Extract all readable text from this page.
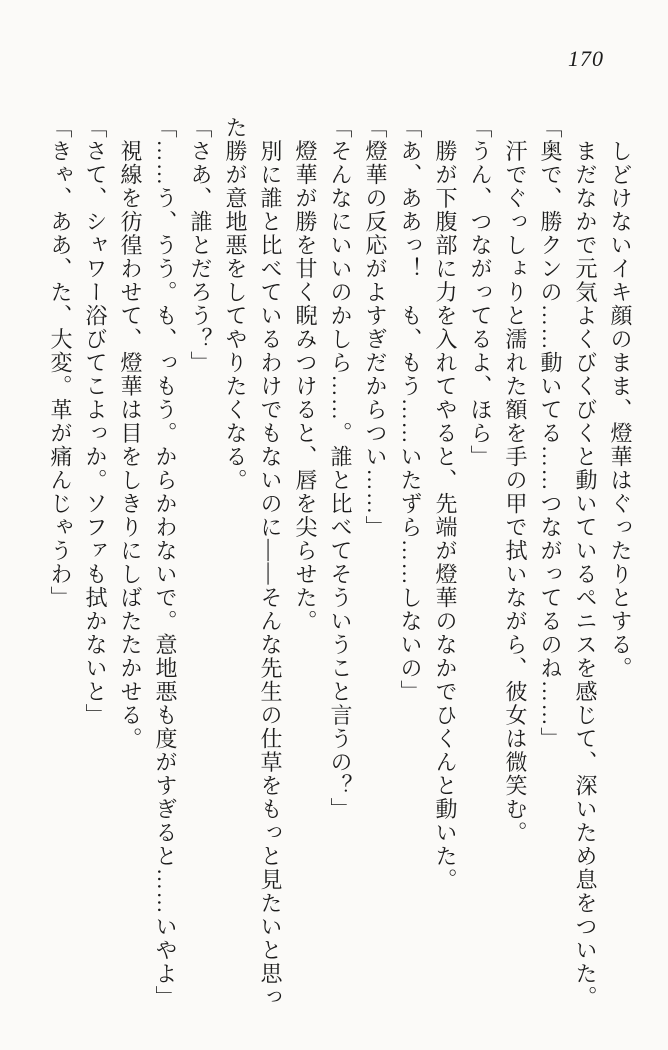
170

　しどけないイキ顔のまま、燈華はぐったりとする。

　まだなかで元気よくびくびくと動いているペニスを感じて、深いため息をついた。

「奥で、勝クンの……動いてる……つながってるのね……」

　汗でぐっしょりと濡れた額を手の甲で拭いながら、彼女は微笑む。

「うん、つながってるよ、ほら」

　勝が下腹部に力を入れてやると、先端が燈華のなかでひくんと動いた。

「あ、ああっ！　も、もう……いたずら……しないの」

「燈華の反応がよすぎだからつい……」

「そんなにいいのかしら……。誰と比べてそういうこと言うの？」

　燈華が勝を甘く睨みつけると、唇を尖らせた。

　別に誰と比べているわけでもないのに――そんな先生の仕草をもっと見たいと思った勝が意地悪をしてやりたくなる。

「さあ、誰とだろう？」

「……う、うう。も、っもう。からかわないで。意地悪も度がすぎると……いやよ」

　視線を彷徨わせて、燈華は目をしきりにしばたたかせる。

「さて、シャワー浴びてこよっか。ソファも拭かないと」

「きゃ、ああ、た、大変。革が痛んじゃうわ」
